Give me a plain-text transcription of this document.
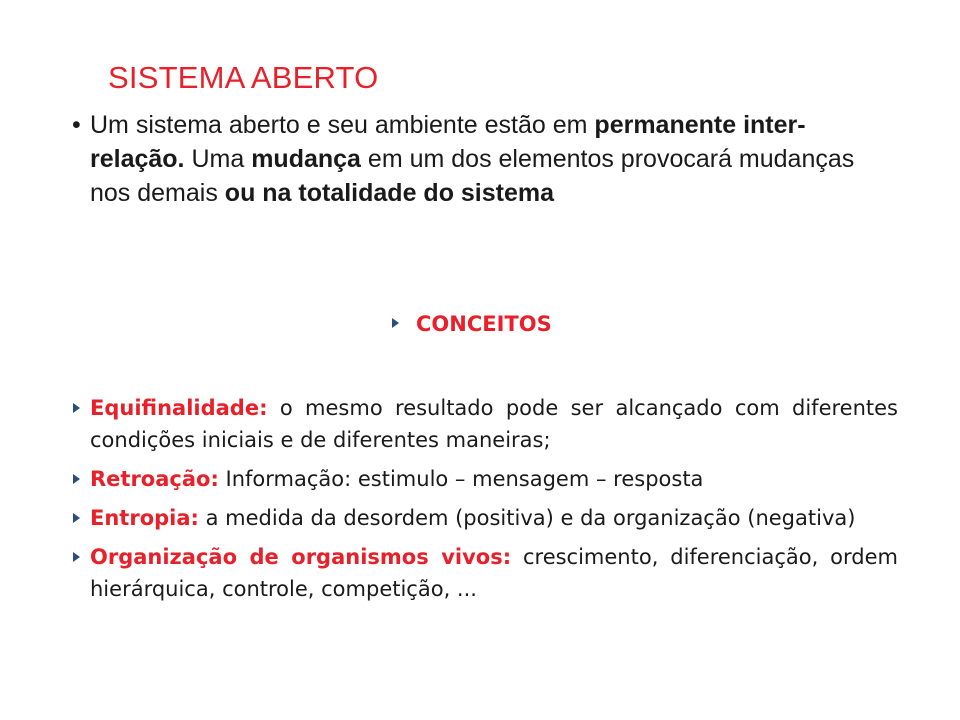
SISTEMA ABERTO
• Um sistema aberto e seu ambiente estão em permanente inter-relação. Uma mudança em um dos elementos provocará mudanças nos demais ou na totalidade do sistema
CONCEITOS
Equifinalidade: o mesmo resultado pode ser alcançado com diferentes condições iniciais e de diferentes maneiras;
Retroação: Informação: estimulo – mensagem – resposta
Entropia: a medida da desordem (positiva) e da organização (negativa)
Organização de organismos vivos: crescimento, diferenciação, ordem hierárquica, controle, competição, ...
